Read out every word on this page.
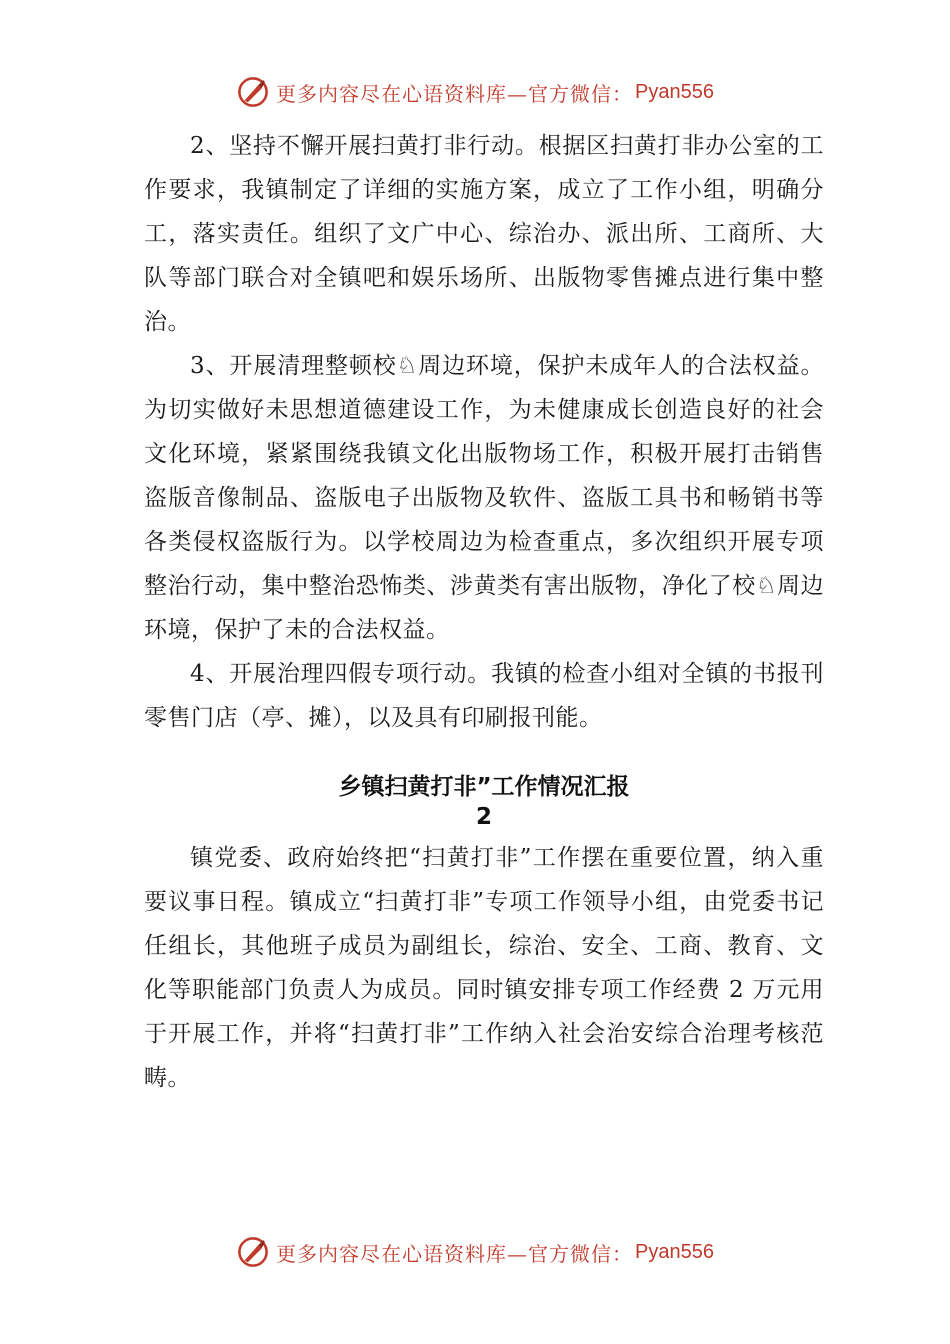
更多内容尽在心语资料库—官方微信： Pyan556

2、坚持不懈开展扫黄打非行动。根据区扫黄打非办公室的工作要求，我镇制定了详细的实施方案，成立了工作小组，明确分工，落实责任。组织了文广中心、综治办、派出所、工商所、大队等部门联合对全镇吧和娱乐场所、出版物零售摊点进行集中整治。

3、开展清理整顿校♘周边环境，保护未成年人的合法权益。为切实做好未思想道德建设工作，为未健康成长创造良好的社会文化环境，紧紧围绕我镇文化出版物场工作，积极开展打击销售盗版音像制品、盗版电子出版物及软件、盗版工具书和畅销书等各类侵权盗版行为。以学校周边为检查重点，多次组织开展专项整治行动，集中整治恐怖类、涉黄类有害出版物，净化了校♘周边环境，保护了未的合法权益。

4、开展治理四假专项行动。我镇的检查小组对全镇的书报刊零售门店（亭、摊），以及具有印刷报刊能。

乡镇扫黄打非”工作情况汇报
2

镇党委、政府始终把“扫黄打非”工作摆在重要位置，纳入重要议事日程。镇成立“扫黄打非”专项工作领导小组，由党委书记任组长，其他班子成员为副组长，综治、安全、工商、教育、文化等职能部门负责人为成员。同时镇安排专项工作经费 2 万元用于开展工作，并将“扫黄打非”工作纳入社会治安综合治理考核范畴。

更多内容尽在心语资料库—官方微信： Pyan556
